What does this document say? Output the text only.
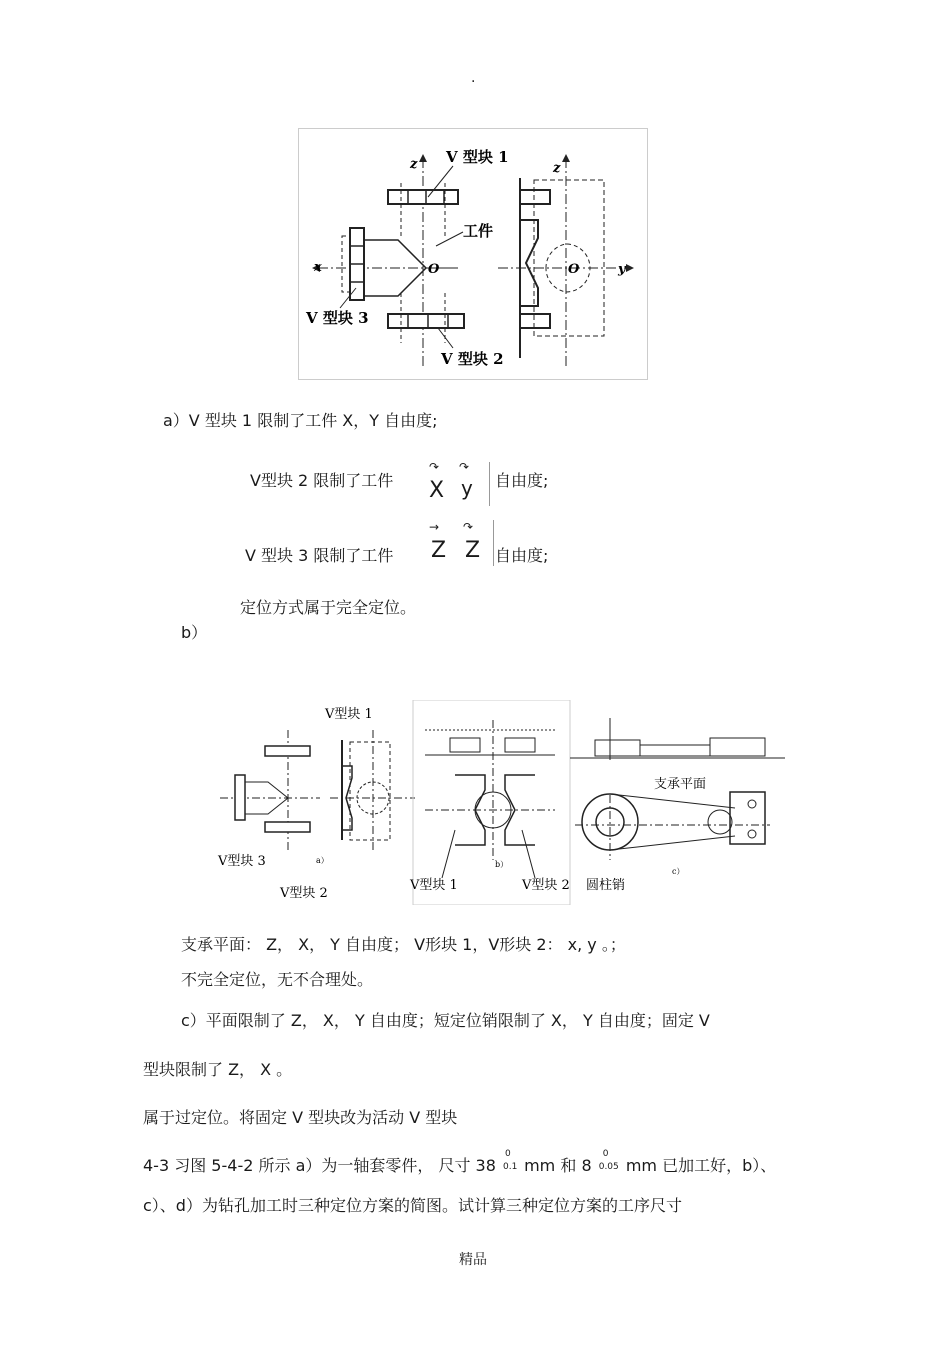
.
V 型块 1
工件
V 型块 3
V 型块 2
z
x	O
z
O	y
a）V 型块 1 限制了工件 X，Y 自由度;
V型块 2 限制了工件
↷
X
↷
y 自由度;
V 型块 3 限制了工件
→
Z
↷
Z 自由度;
定位方式属于完全定位。
b）
V型块 1
V型块 3
V型块 2
a）
V型块 1
b）
V型块 2 圆柱销
支承平面
c）
支承平面： Z， X， Y 自由度； V形块 1，V形块 2： x, y 。；
不完全定位，无不合理处。
c）平面限制了 Z， X， Y 自由度；短定位销限制了 X， Y 自由度；固定 V
型块限制了 Z， X 。
属于过定位。将固定 V 型块改为活动 V 型块
4-3 习图 5-4-2 所示 a）为一轴套零件， 尺寸 38
0
0.1 mm 和 8
0
0.05 mm 已加工好，b）、
c）、d）为钻孔加工时三种定位方案的简图。试计算三种定位方案的工序尺寸
精品
